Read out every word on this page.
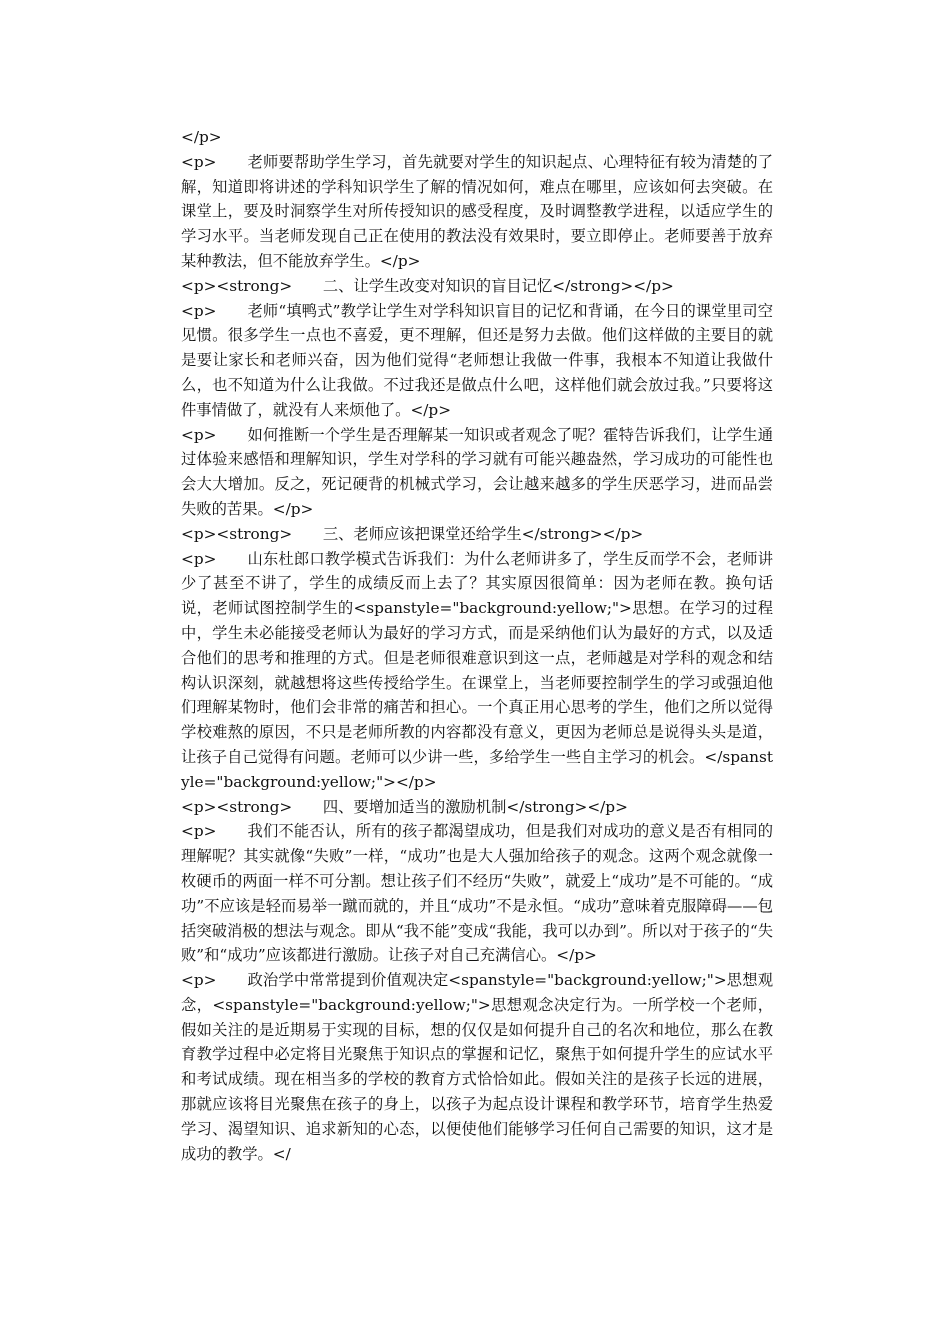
</p>

<p>　　老师要帮助学生学习，首先就要对学生的知识起点、心理特征有较为清楚的了解，知道即将讲述的学科知识学生了解的情况如何，难点在哪里，应该如何去突破。在课堂上，要及时洞察学生对所传授知识的感受程度，及时调整教学进程，以适应学生的学习水平。当老师发现自己正在使用的教法没有效果时，要立即停止。老师要善于放弃某种教法，但不能放弃学生。</p>

<p><strong>　　二、让学生改变对知识的盲目记忆</strong></p>

<p>　　老师“填鸭式”教学让学生对学科知识盲目的记忆和背诵，在今日的课堂里司空见惯。很多学生一点也不喜爱，更不理解，但还是努力去做。他们这样做的主要目的就是要让家长和老师兴奋，因为他们觉得“老师想让我做一件事，我根本不知道让我做什么，也不知道为什么让我做。不过我还是做点什么吧，这样他们就会放过我。”只要将这件事情做了，就没有人来烦他了。</p>

<p>　　如何推断一个学生是否理解某一知识或者观念了呢？霍特告诉我们，让学生通过体验来感悟和理解知识，学生对学科的学习就有可能兴趣盎然，学习成功的可能性也会大大增加。反之，死记硬背的机械式学习，会让越来越多的学生厌恶学习，进而品尝失败的苦果。</p>

<p><strong>　　三、老师应该把课堂还给学生</strong></p>

<p>　　山东杜郎口教学模式告诉我们：为什么老师讲多了，学生反而学不会，老师讲少了甚至不讲了，学生的成绩反而上去了？其实原因很简单：因为老师在教。换句话说，老师试图控制学生的<spanstyle="background:yellow;">思想。在学习的过程中，学生未必能接受老师认为最好的学习方式，而是采纳他们认为最好的方式，以及适合他们的思考和推理的方式。但是老师很难意识到这一点，老师越是对学科的观念和结构认识深刻，就越想将这些传授给学生。在课堂上，当老师要控制学生的学习或强迫他们理解某物时，他们会非常的痛苦和担心。一个真正用心思考的学生，他们之所以觉得学校难熬的原因，不只是老师所教的内容都没有意义，更因为老师总是说得头头是道，让孩子自己觉得有问题。老师可以少讲一些，多给学生一些自主学习的机会。</spanstyle="background:yellow;"></p>

<p><strong>　　四、要增加适当的激励机制</strong></p>

<p>　　我们不能否认，所有的孩子都渴望成功，但是我们对成功的意义是否有相同的理解呢？其实就像“失败”一样，“成功”也是大人强加给孩子的观念。这两个观念就像一枚硬币的两面一样不可分割。想让孩子们不经历“失败”，就爱上“成功”是不可能的。“成功”不应该是轻而易举一蹴而就的，并且“成功”不是永恒。“成功”意味着克服障碍——包括突破消极的想法与观念。即从“我不能”变成“我能，我可以办到”。所以对于孩子的“失败”和“成功”应该都进行激励。让孩子对自己充满信心。</p>

<p>　　政治学中常常提到价值观决定<spanstyle="background:yellow;">思想观念，<spanstyle="background:yellow;">思想观念决定行为。一所学校一个老师，假如关注的是近期易于实现的目标，想的仅仅是如何提升自己的名次和地位，那么在教育教学过程中必定将目光聚焦于知识点的掌握和记忆，聚焦于如何提升学生的应试水平和考试成绩。现在相当多的学校的教育方式恰恰如此。假如关注的是孩子长远的进展，那就应该将目光聚焦在孩子的身上，以孩子为起点设计课程和教学环节，培育学生热爱学习、渴望知识、追求新知的心态，以便使他们能够学习任何自己需要的知识，这才是成功的教学。</
